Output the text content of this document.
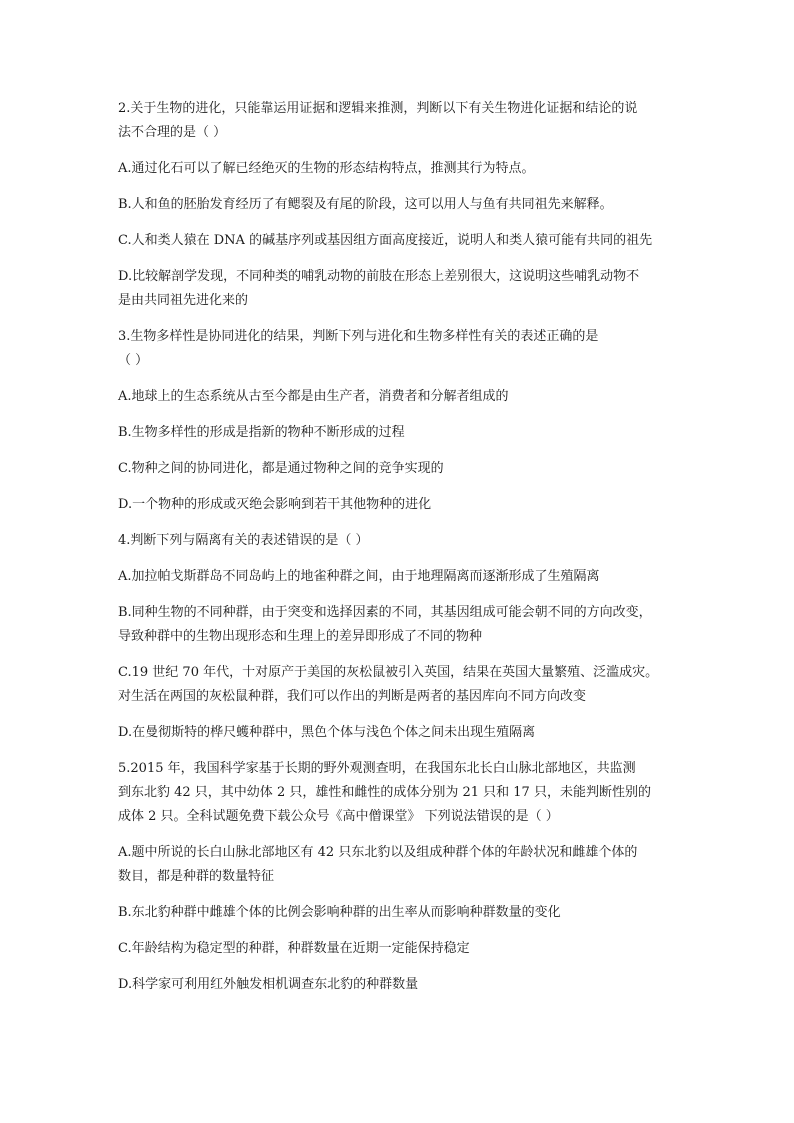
2.关于生物的进化，只能靠运用证据和逻辑来推测，判断以下有关生物进化证据和结论的说
法不合理的是（ ）
A.通过化石可以了解已经绝灭的生物的形态结构特点，推测其行为特点。
B.人和鱼的胚胎发育经历了有鳃裂及有尾的阶段，这可以用人与鱼有共同祖先来解释。
C.人和类人猿在 DNA 的碱基序列或基因组方面高度接近，说明人和类人猿可能有共同的祖先
D.比较解剖学发现，不同种类的哺乳动物的前肢在形态上差别很大，这说明这些哺乳动物不
是由共同祖先进化来的
3.生物多样性是协同进化的结果，判断下列与进化和生物多样性有关的表述正确的是
（ ）
A.地球上的生态系统从古至今都是由生产者，消费者和分解者组成的
B.生物多样性的形成是指新的物种不断形成的过程
C.物种之间的协同进化，都是通过物种之间的竞争实现的
D.一个物种的形成或灭绝会影响到若干其他物种的进化
4.判断下列与隔离有关的表述错误的是（ ）
A.加拉帕戈斯群岛不同岛屿上的地雀种群之间，由于地理隔离而逐渐形成了生殖隔离
B.同种生物的不同种群，由于突变和选择因素的不同，其基因组成可能会朝不同的方向改变，
导致种群中的生物出现形态和生理上的差异即形成了不同的物种
C.19 世纪 70 年代，十对原产于美国的灰松鼠被引入英国，结果在英国大量繁殖、泛滥成灾。
对生活在两国的灰松鼠种群，我们可以作出的判断是两者的基因库向不同方向改变
D.在曼彻斯特的桦尺蠖种群中，黑色个体与浅色个体之间未出现生殖隔离
5.2015 年，我国科学家基于长期的野外观测查明，在我国东北长白山脉北部地区，共监测
到东北豹 42 只，其中幼体 2 只，雄性和雌性的成体分别为 21 只和 17 只，未能判断性别的
成体 2 只。全科试题免费下载公众号《高中僧课堂》 下列说法错误的是（ ）
A.题中所说的长白山脉北部地区有 42 只东北豹以及组成种群个体的年龄状况和雌雄个体的
数目，都是种群的数量特征
B.东北豹种群中雌雄个体的比例会影响种群的出生率从而影响种群数量的变化
C.年龄结构为稳定型的种群，种群数量在近期一定能保持稳定
D.科学家可利用红外触发相机调查东北豹的种群数量
